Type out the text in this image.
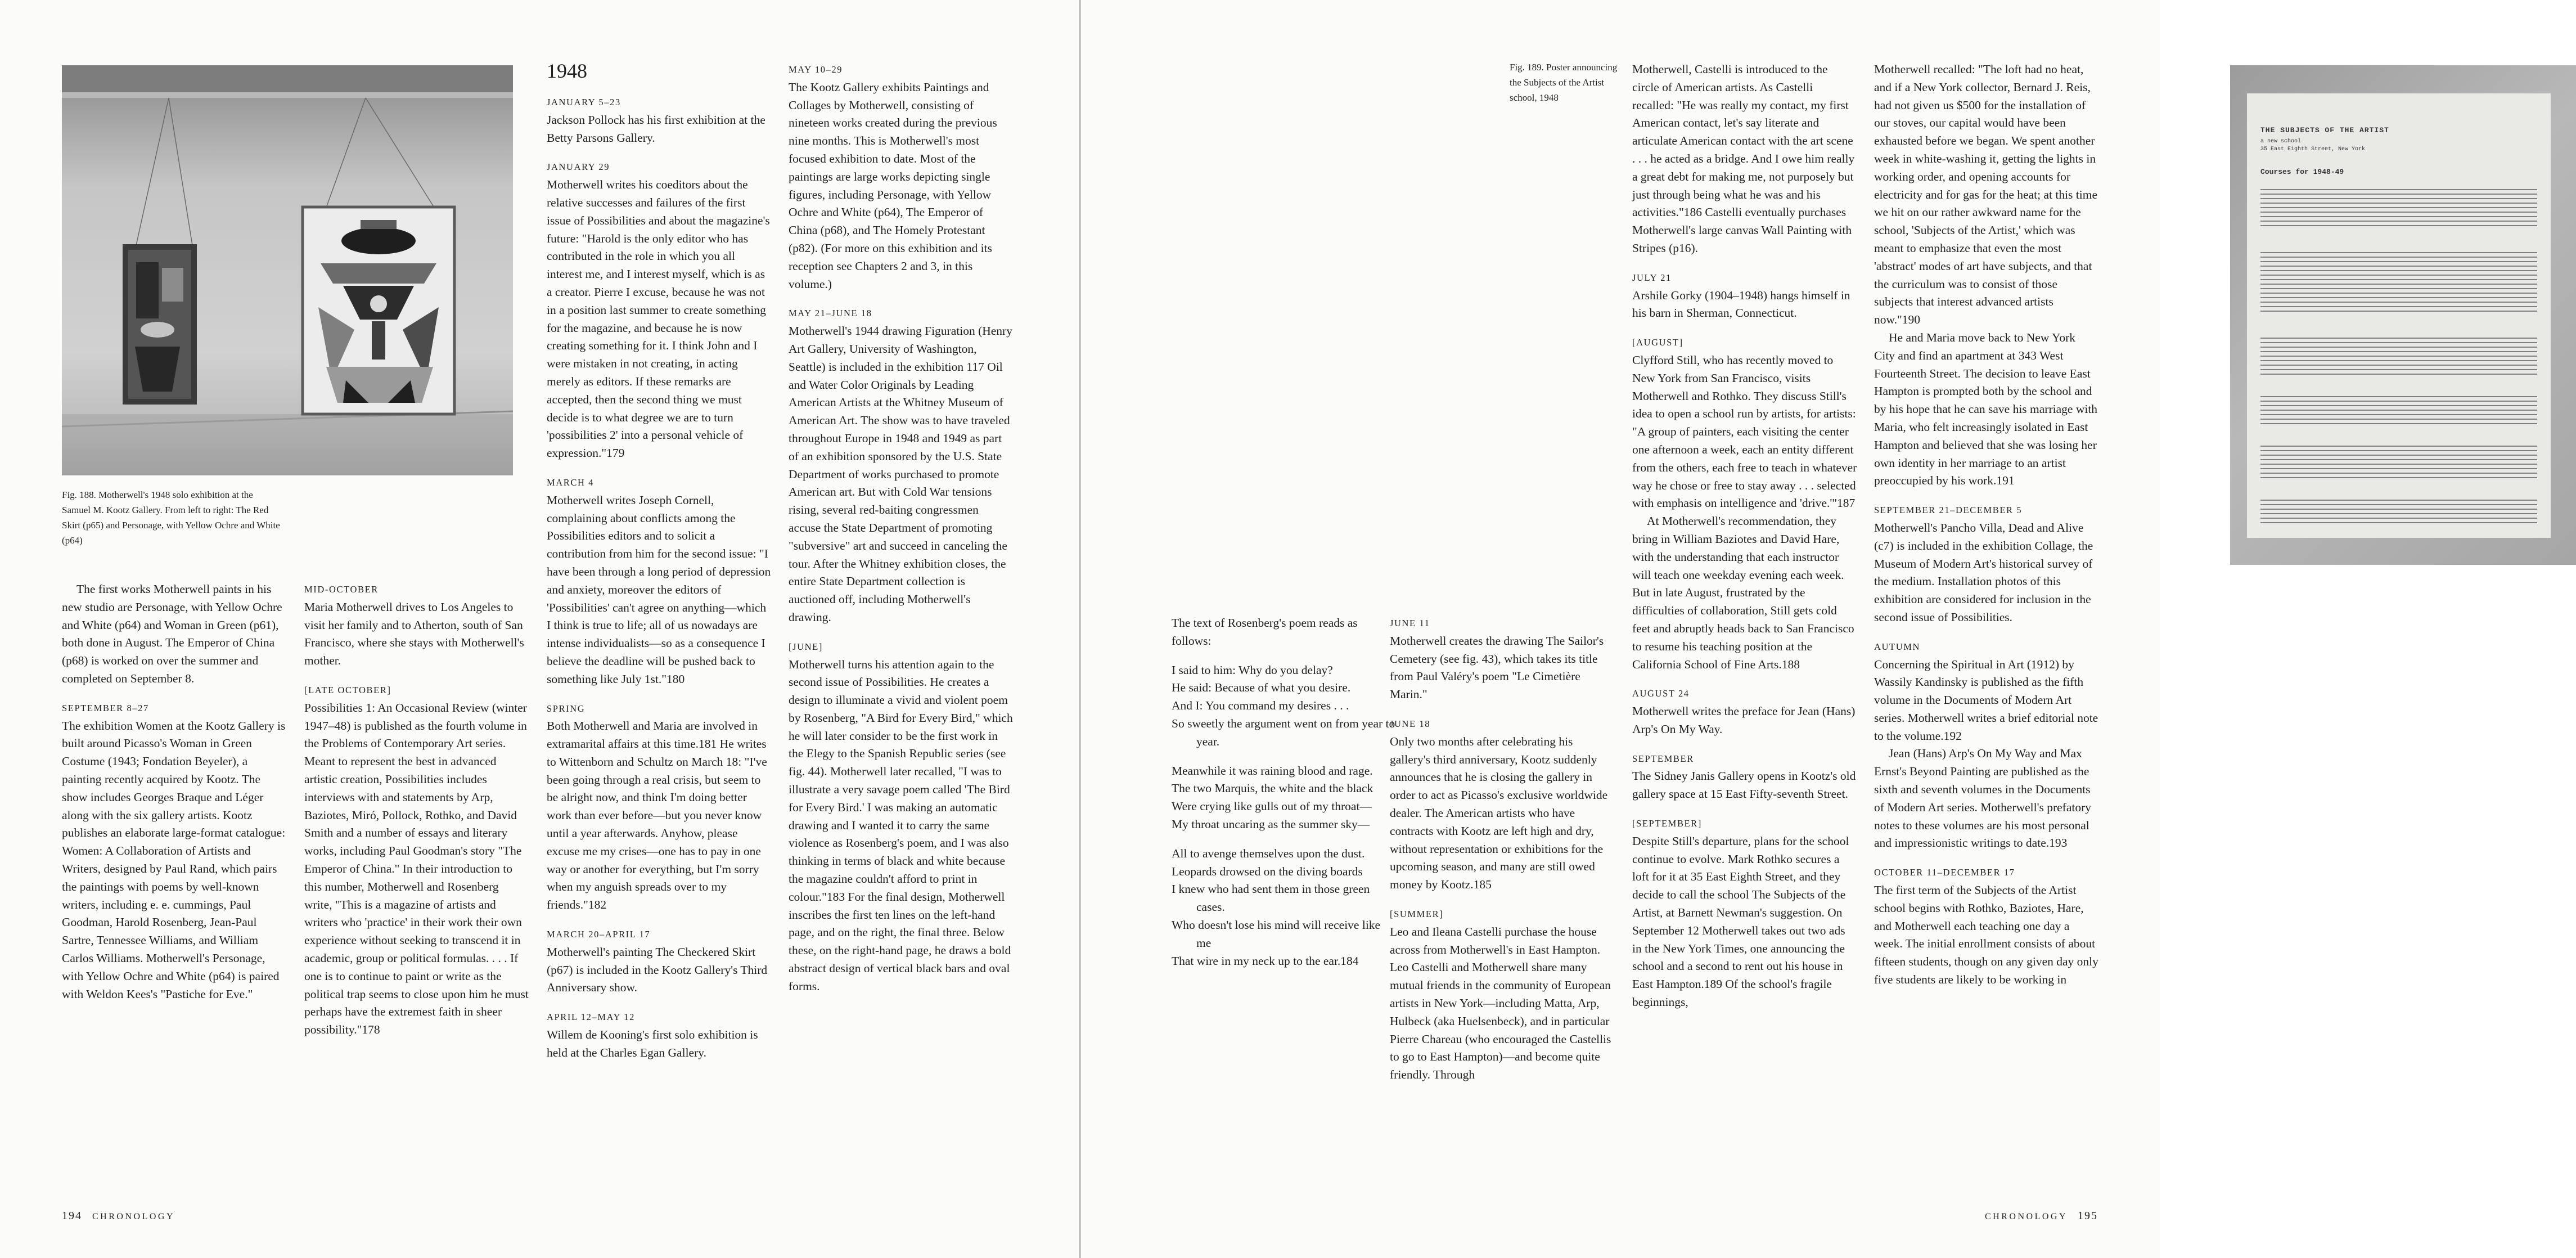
Fig. 188. Motherwell's 1948 solo exhibition at the Samuel M. Kootz Gallery. From left to right: The Red Skirt (p65) and Personage, with Yellow Ochre and White (p64)

The first works Motherwell paints in his new studio are Personage, with Yellow Ochre and White (p64) and Woman in Green (p61), both done in August. The Emperor of China (p68) is worked on over the summer and completed on September 8.

SEPTEMBER 8–27

The exhibition Women at the Kootz Gallery is built around Picasso's Woman in Green Costume (1943; Fondation Beyeler), a painting recently acquired by Kootz. The show includes Georges Braque and Léger along with the six gallery artists. Kootz publishes an elaborate large-format catalogue: Women: A Collaboration of Artists and Writers, designed by Paul Rand, which pairs the paintings with poems by well-known writers, including e. e. cummings, Paul Goodman, Harold Rosenberg, Jean-Paul Sartre, Tennessee Williams, and William Carlos Williams. Motherwell's Personage, with Yellow Ochre and White (p64) is paired with Weldon Kees's "Pastiche for Eve."

MID-OCTOBER

Maria Motherwell drives to Los Angeles to visit her family and to Atherton, south of San Francisco, where she stays with Motherwell's mother.

[LATE OCTOBER]

Possibilities 1: An Occasional Review (winter 1947–48) is published as the fourth volume in the Problems of Contemporary Art series. Meant to represent the best in advanced artistic creation, Possibilities includes interviews with and statements by Arp, Baziotes, Miró, Pollock, Rothko, and David Smith and a number of essays and literary works, including Paul Goodman's story "The Emperor of China." In their introduction to this number, Motherwell and Rosenberg write, "This is a magazine of artists and writers who 'practice' in their work their own experience without seeking to transcend it in academic, group or political formulas. . . . If one is to continue to paint or write as the political trap seems to close upon him he must perhaps have the extremest faith in sheer possibility."178

1948
JANUARY 5–23

Jackson Pollock has his first exhibition at the Betty Parsons Gallery.

JANUARY 29

Motherwell writes his coeditors about the relative successes and failures of the first issue of Possibilities and about the magazine's future: "Harold is the only editor who has contributed in the role in which you all interest me, and I interest myself, which is as a creator. Pierre I excuse, because he was not in a position last summer to create something for the magazine, and because he is now creating something for it. I think John and I were mistaken in not creating, in acting merely as editors. If these remarks are accepted, then the second thing we must decide is to what degree we are to turn 'possibilities 2' into a personal vehicle of expression."179

MARCH 4

Motherwell writes Joseph Cornell, complaining about conflicts among the Possibilities editors and to solicit a contribution from him for the second issue: "I have been through a long period of depression and anxiety, moreover the editors of 'Possibilities' can't agree on anything—which I think is true to life; all of us nowadays are intense individualists—so as a consequence I believe the deadline will be pushed back to something like July 1st."180

SPRING

Both Motherwell and Maria are involved in extramarital affairs at this time.181 He writes to Wittenborn and Schultz on March 18: "I've been going through a real crisis, but seem to be alright now, and think I'm doing better work than ever before—but you never know until a year afterwards. Anyhow, please excuse me my crises—one has to pay in one way or another for everything, but I'm sorry when my anguish spreads over to my friends."182

MARCH 20–APRIL 17

Motherwell's painting The Checkered Skirt (p67) is included in the Kootz Gallery's Third Anniversary show.

APRIL 12–MAY 12

Willem de Kooning's first solo exhibition is held at the Charles Egan Gallery.

MAY 10–29

The Kootz Gallery exhibits Paintings and Collages by Motherwell, consisting of nineteen works created during the previous nine months. This is Motherwell's most focused exhibition to date. Most of the paintings are large works depicting single figures, including Personage, with Yellow Ochre and White (p64), The Emperor of China (p68), and The Homely Protestant (p82). (For more on this exhibition and its reception see Chapters 2 and 3, in this volume.)

MAY 21–JUNE 18

Motherwell's 1944 drawing Figuration (Henry Art Gallery, University of Washington, Seattle) is included in the exhibition 117 Oil and Water Color Originals by Leading American Artists at the Whitney Museum of American Art. The show was to have traveled throughout Europe in 1948 and 1949 as part of an exhibition sponsored by the U.S. State Department of works purchased to promote American art. But with Cold War tensions rising, several red-baiting congressmen accuse the State Department of promoting "subversive" art and succeed in canceling the tour. After the Whitney exhibition closes, the entire State Department collection is auctioned off, including Motherwell's drawing.

[JUNE]

Motherwell turns his attention again to the second issue of Possibilities. He creates a design to illuminate a vivid and violent poem by Rosenberg, "A Bird for Every Bird," which he will later consider to be the first work in the Elegy to the Spanish Republic series (see fig. 44). Motherwell later recalled, "I was to illustrate a very savage poem called 'The Bird for Every Bird.' I was making an automatic drawing and I wanted it to carry the same violence as Rosenberg's poem, and I was also thinking in terms of black and white because the magazine couldn't afford to print in colour."183 For the final design, Motherwell inscribes the first ten lines on the left-hand page, and on the right, the final three. Below these, on the right-hand page, he draws a bold abstract design of vertical black bars and oval forms.

194 CHRONOLOGY
THE SUBJECTS OF THE ARTIST
a new school
35 East Eighth Street, New York
Courses for 1948-49
Fig. 189. Poster announcing the Subjects of the Artist school, 1948

The text of Rosenberg's poem reads as follows:

I said to him: Why do you delay?

He said: Because of what you desire.

And I: You command my desires . . .

So sweetly the argument went on from year to year.

Meanwhile it was raining blood and rage.

The two Marquis, the white and the black

Were crying like gulls out of my throat—

My throat uncaring as the summer sky—

All to avenge themselves upon the dust.

Leopards drowsed on the diving boards

I knew who had sent them in those green cases.

Who doesn't lose his mind will receive like me

That wire in my neck up to the ear.184

JUNE 11

Motherwell creates the drawing The Sailor's Cemetery (see fig. 43), which takes its title from Paul Valéry's poem "Le Cimetière Marin."

JUNE 18

Only two months after celebrating his gallery's third anniversary, Kootz suddenly announces that he is closing the gallery in order to act as Picasso's exclusive worldwide dealer. The American artists who have contracts with Kootz are left high and dry, without representation or exhibitions for the upcoming season, and many are still owed money by Kootz.185

[SUMMER]

Leo and Ileana Castelli purchase the house across from Motherwell's in East Hampton. Leo Castelli and Motherwell share many mutual friends in the community of European artists in New York—including Matta, Arp, Hulbeck (aka Huelsenbeck), and in particular Pierre Chareau (who encouraged the Castellis to go to East Hampton)—and become quite friendly. Through

Motherwell, Castelli is introduced to the circle of American artists. As Castelli recalled: "He was really my contact, my first American contact, let's say literate and articulate American contact with the art scene . . . he acted as a bridge. And I owe him really a great debt for making me, not purposely but just through being what he was and his activities."186 Castelli eventually purchases Motherwell's large canvas Wall Painting with Stripes (p16).

JULY 21

Arshile Gorky (1904–1948) hangs himself in his barn in Sherman, Connecticut.

[AUGUST]

Clyfford Still, who has recently moved to New York from San Francisco, visits Motherwell and Rothko. They discuss Still's idea to open a school run by artists, for artists: "A group of painters, each visiting the center one afternoon a week, each an entity different from the others, each free to teach in whatever way he chose or free to stay away . . . selected with emphasis on intelligence and 'drive.'"187

At Motherwell's recommendation, they bring in William Baziotes and David Hare, with the understanding that each instructor will teach one weekday evening each week. But in late August, frustrated by the difficulties of collaboration, Still gets cold feet and abruptly heads back to San Francisco to resume his teaching position at the California School of Fine Arts.188

AUGUST 24

Motherwell writes the preface for Jean (Hans) Arp's On My Way.

SEPTEMBER

The Sidney Janis Gallery opens in Kootz's old gallery space at 15 East Fifty-seventh Street.

[SEPTEMBER]

Despite Still's departure, plans for the school continue to evolve. Mark Rothko secures a loft for it at 35 East Eighth Street, and they decide to call the school The Subjects of the Artist, at Barnett Newman's suggestion. On September 12 Motherwell takes out two ads in the New York Times, one announcing the school and a second to rent out his house in East Hampton.189 Of the school's fragile beginnings,

Motherwell recalled: "The loft had no heat, and if a New York collector, Bernard J. Reis, had not given us $500 for the installation of our stoves, our capital would have been exhausted before we began. We spent another week in white-washing it, getting the lights in working order, and opening accounts for electricity and for gas for the heat; at this time we hit on our rather awkward name for the school, 'Subjects of the Artist,' which was meant to emphasize that even the most 'abstract' modes of art have subjects, and that the curriculum was to consist of those subjects that interest advanced artists now."190

He and Maria move back to New York City and find an apartment at 343 West Fourteenth Street. The decision to leave East Hampton is prompted both by the school and by his hope that he can save his marriage with Maria, who felt increasingly isolated in East Hampton and believed that she was losing her own identity in her marriage to an artist preoccupied by his work.191

SEPTEMBER 21–DECEMBER 5

Motherwell's Pancho Villa, Dead and Alive (c7) is included in the exhibition Collage, the Museum of Modern Art's historical survey of the medium. Installation photos of this exhibition are considered for inclusion in the second issue of Possibilities.

AUTUMN

Concerning the Spiritual in Art (1912) by Wassily Kandinsky is published as the fifth volume in the Documents of Modern Art series. Motherwell writes a brief editorial note to the volume.192

Jean (Hans) Arp's On My Way and Max Ernst's Beyond Painting are published as the sixth and seventh volumes in the Documents of Modern Art series. Motherwell's prefatory notes to these volumes are his most personal and impressionistic writings to date.193

OCTOBER 11–DECEMBER 17

The first term of the Subjects of the Artist school begins with Rothko, Baziotes, Hare, and Motherwell each teaching one day a week. The initial enrollment consists of about fifteen students, though on any given day only five students are likely to be working in

CHRONOLOGY 195
